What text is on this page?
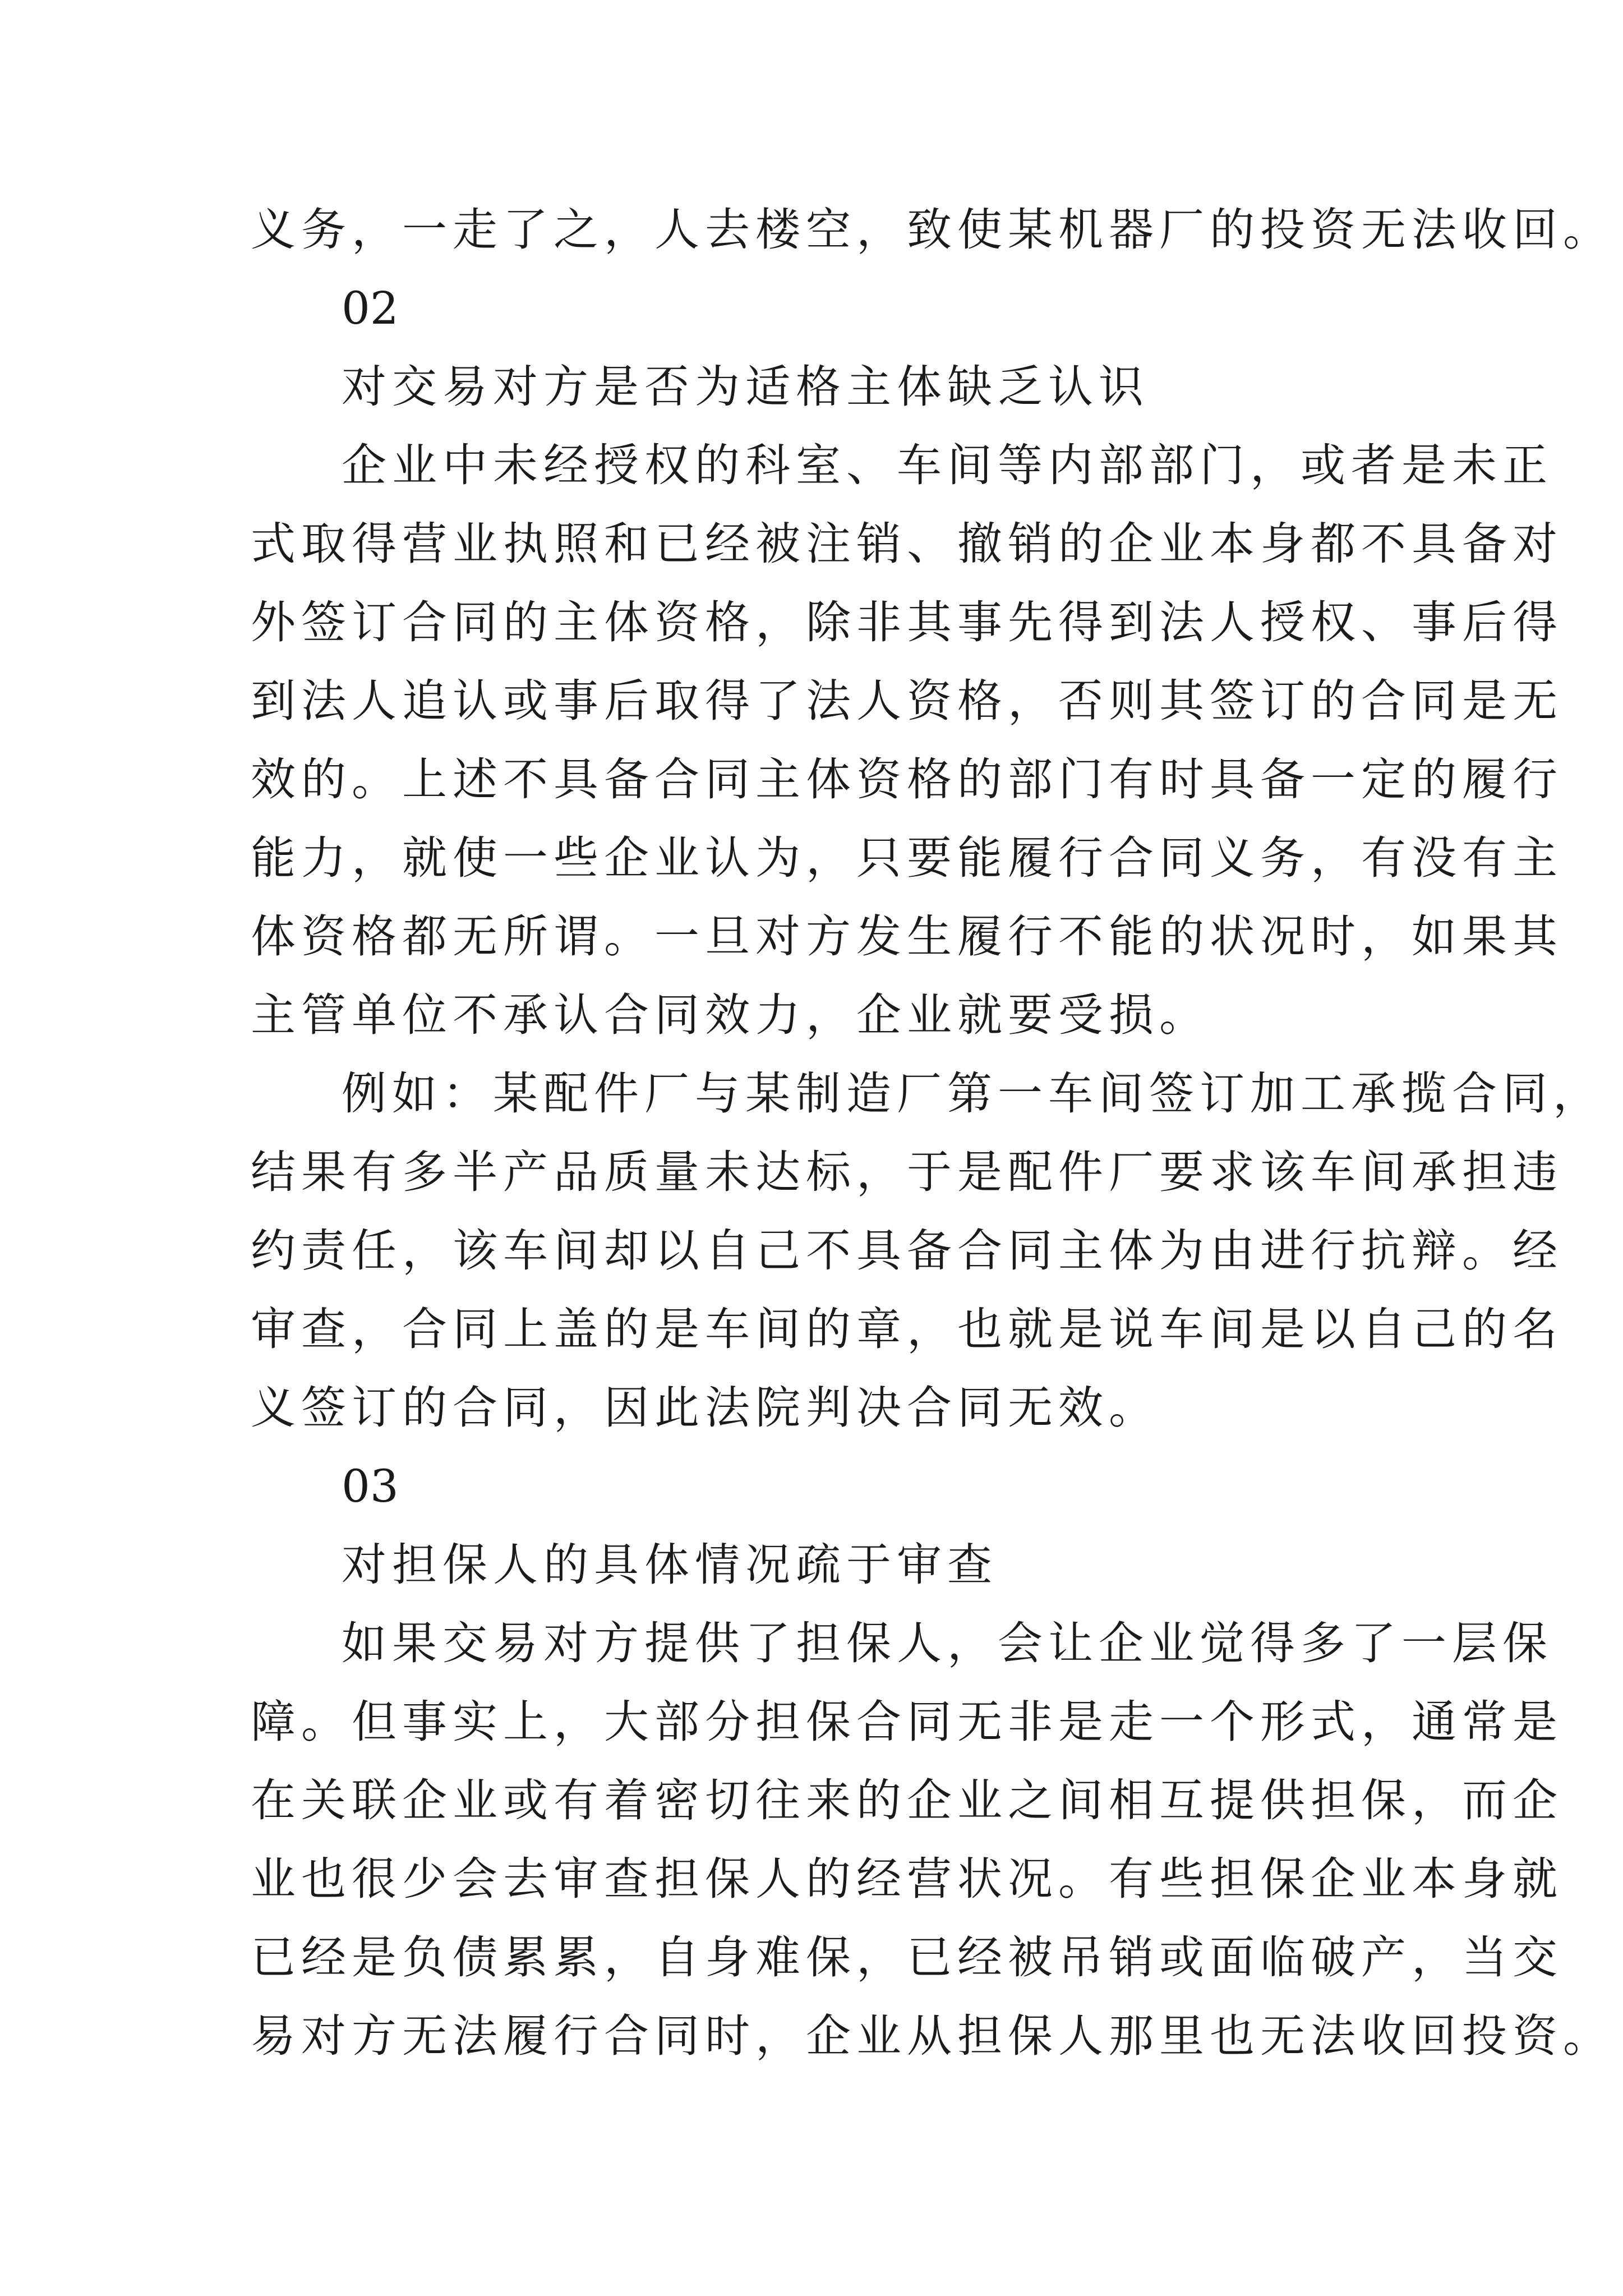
义务，一走了之，人去楼空，致使某机器厂的投资无法收回。
02
对交易对方是否为适格主体缺乏认识
企业中未经授权的科室、车间等内部部门，或者是未正
式取得营业执照和已经被注销、撤销的企业本身都不具备对
外签订合同的主体资格，除非其事先得到法人授权、事后得
到法人追认或事后取得了法人资格，否则其签订的合同是无
效的。上述不具备合同主体资格的部门有时具备一定的履行
能力，就使一些企业认为，只要能履行合同义务，有没有主
体资格都无所谓。一旦对方发生履行不能的状况时，如果其
主管单位不承认合同效力，企业就要受损。
例如：某配件厂与某制造厂第一车间签订加工承揽合同，
结果有多半产品质量未达标，于是配件厂要求该车间承担违
约责任，该车间却以自己不具备合同主体为由进行抗辩。经
审查，合同上盖的是车间的章，也就是说车间是以自己的名
义签订的合同，因此法院判决合同无效。
03
对担保人的具体情况疏于审查
如果交易对方提供了担保人，会让企业觉得多了一层保
障。但事实上，大部分担保合同无非是走一个形式，通常是
在关联企业或有着密切往来的企业之间相互提供担保，而企
业也很少会去审查担保人的经营状况。有些担保企业本身就
已经是负债累累，自身难保，已经被吊销或面临破产，当交
易对方无法履行合同时，企业从担保人那里也无法收回投资。
